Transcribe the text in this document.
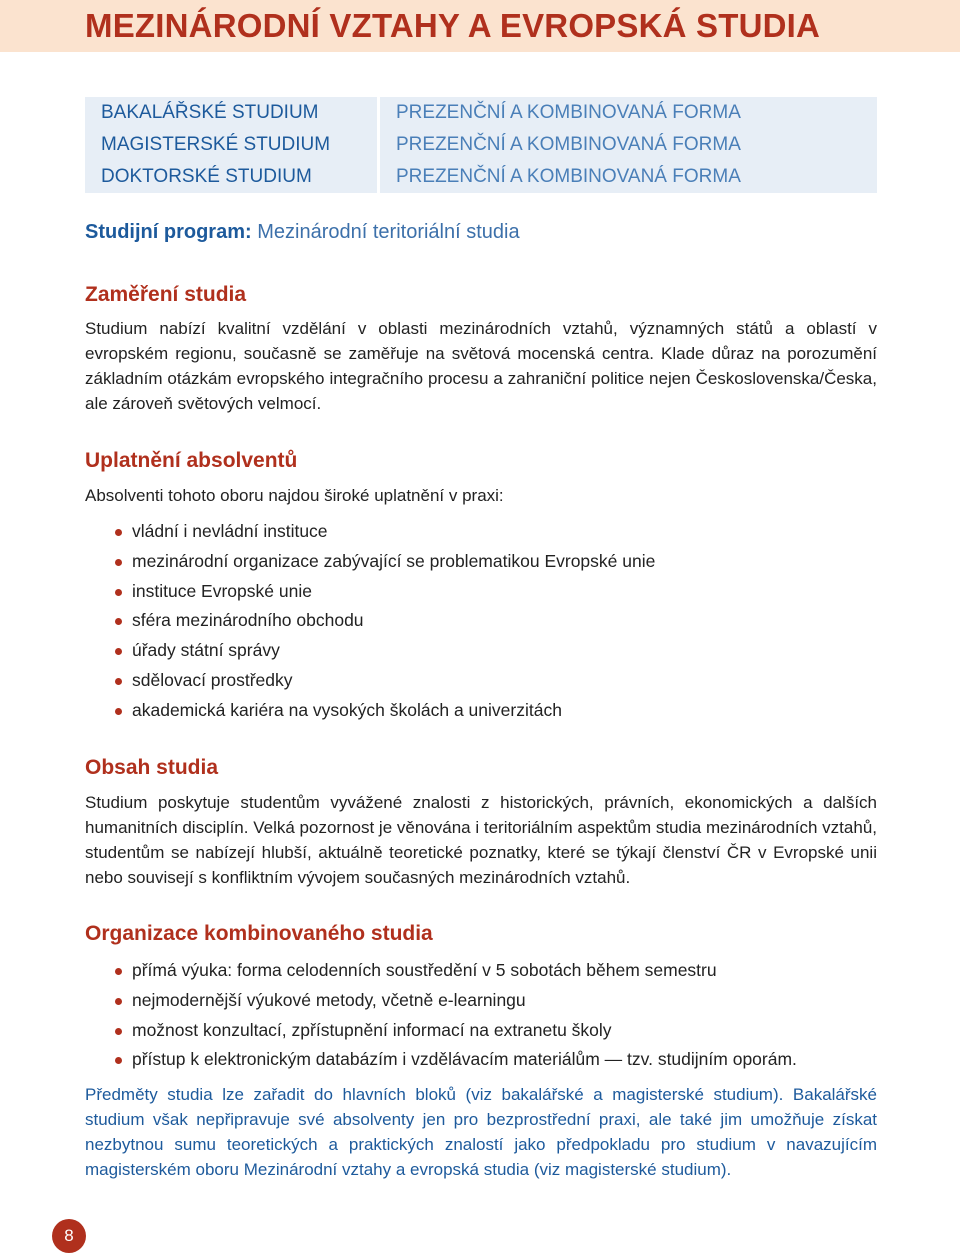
MEZINÁRODNÍ VZTAHY A EVROPSKÁ STUDIA
BAKALÁŘSKÉ STUDIUM	PREZENČNÍ A KOMBINOVANÁ FORMA
MAGISTERSKÉ STUDIUM	PREZENČNÍ A KOMBINOVANÁ FORMA
DOKTORSKÉ STUDIUM	PREZENČNÍ A KOMBINOVANÁ FORMA
Studijní program: Mezinárodní teritoriální studia
Zaměření studia

Studium nabízí kvalitní vzdělání v oblasti mezinárodních vztahů, významných států a oblastí v evropském regionu, současně se zaměřuje na světová mocenská centra. Klade důraz na porozumění základním otázkám evropského integračního procesu a zahraniční politice nejen Československa/Česka, ale zároveň světových velmocí.

Uplatnění absolventů

Absolventi tohoto oboru najdou široké uplatnění v praxi:

vládní i nevládní instituce
mezinárodní organizace zabývající se problematikou Evropské unie
instituce Evropské unie
sféra mezinárodního obchodu
úřady státní správy
sdělovací prostředky
akademická kariéra na vysokých školách a univerzitách
Obsah studia

Studium poskytuje studentům vyvážené znalosti z historických, právních, ekonomických a dalších humanitních disciplín. Velká pozornost je věnována i teritoriálním aspektům studia mezinárodních vztahů, studentům se nabízejí hlubší, aktuálně teoretické poznatky, které se týkají členství ČR v Evropské unii nebo souvisejí s konfliktním vývojem současných mezinárodních vztahů.

Organizace kombinovaného studia
přímá výuka: forma celodenních soustředění v 5 sobotách během semestru
nejmodernější výukové metody, včetně e-learningu
možnost konzultací, zpřístupnění informací na extranetu školy
přístup k elektronickým databázím i vzdělávacím materiálům — tzv. studijním oporám.

Předměty studia lze zařadit do hlavních bloků (viz bakalářské a magisterské studium). Bakalářské studium však nepřipravuje své absolventy jen pro bezprostřední praxi, ale také jim umožňuje získat nezbytnou sumu teoretických a praktických znalostí jako předpokladu pro studium v navazujícím magisterském oboru Mezinárodní vztahy a evropská studia (viz magisterské studium).

8
